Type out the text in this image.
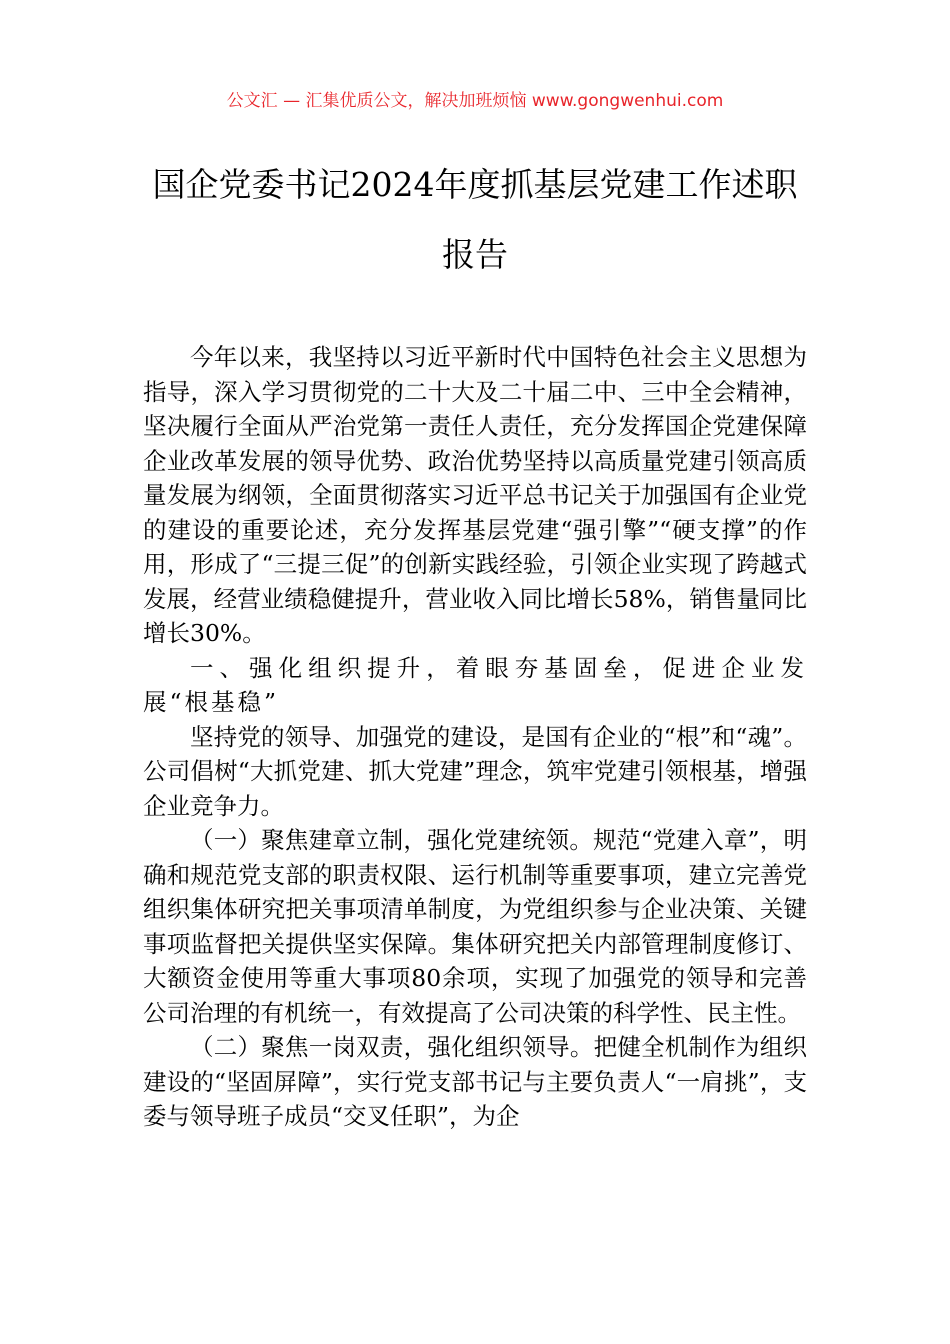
公文汇 — 汇集优质公文，解决加班烦恼 www.gongwenhui.com
国企党委书记2024年度抓基层党建工作述职报告

今年以来，我坚持以习近平新时代中国特色社会主义思想为指导，深入学习贯彻党的二十大及二十届二中、三中全会精神，坚决履行全面从严治党第一责任人责任，充分发挥国企党建保障企业改革发展的领导优势、政治优势坚持以高质量党建引领高质量发展为纲领，全面贯彻落实习近平总书记关于加强国有企业党的建设的重要论述，充分发挥基层党建“强引擎”“硬支撑”的作用，形成了“三提三促”的创新实践经验，引领企业实现了跨越式发展，经营业绩稳健提升，营业收入同比增长58%，销售量同比增长30%。

一、强化组织提升，着眼夯基固垒，促进企业发展“根基稳”

坚持党的领导、加强党的建设，是国有企业的“根”和“魂”。公司倡树“大抓党建、抓大党建”理念，筑牢党建引领根基，增强企业竞争力。

（一）聚焦建章立制，强化党建统领。规范“党建入章”，明确和规范党支部的职责权限、运行机制等重要事项，建立完善党组织集体研究把关事项清单制度，为党组织参与企业决策、关键事项监督把关提供坚实保障。集体研究把关内部管理制度修订、大额资金使用等重大事项80余项，实现了加强党的领导和完善公司治理的有机统一，有效提高了公司决策的科学性、民主性。

（二）聚焦一岗双责，强化组织领导。把健全机制作为组织建设的“坚固屏障”，实行党支部书记与主要负责人“一肩挑”，支委与领导班子成员“交叉任职”，为企
